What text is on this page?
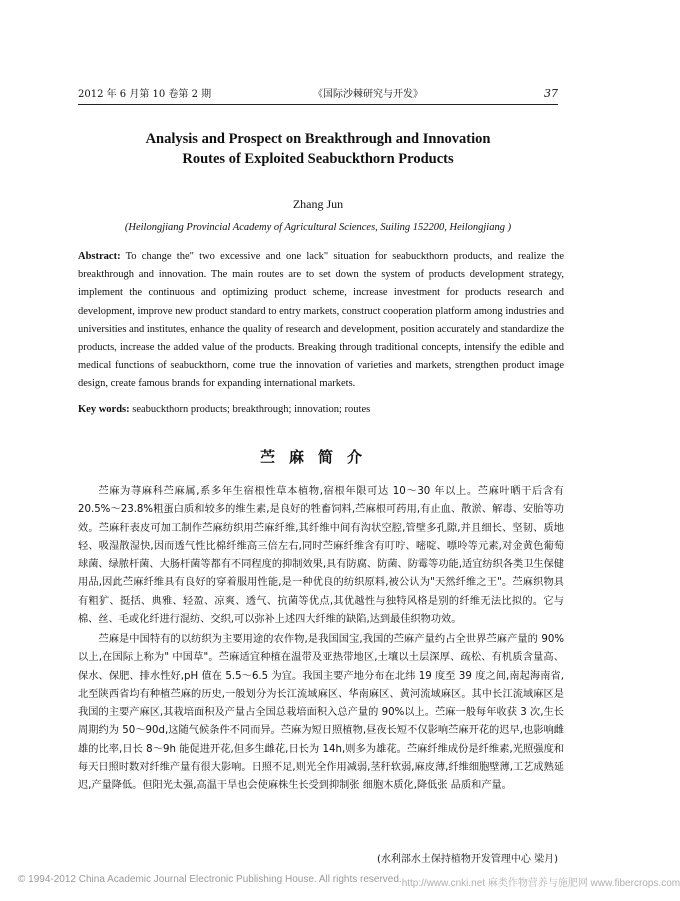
2012 年 6 月第 10 卷第 2 期	《国际沙棘研究与开发》	37
Analysis and Prospect on Breakthrough and Innovation
Routes of Exploited Seabuckthorn Products
Zhang Jun
(Heilongjiang Provincial Academy of Agricultural Sciences, Suiling 152200, Heilongjiang )
Abstract: To change the" two excessive and one lack" situation for seabuckthorn products, and realize the breakthrough and innovation. The main routes are to set down the system of products development strategy, implement the continuous and optimizing product scheme, increase investment for products research and development, improve new product standard to entry markets, construct cooperation platform among industries and universities and institutes, enhance the quality of research and development, position accurately and standardize the products, increase the added value of the products. Breaking through traditional concepts, intensify the edible and medical functions of seabuckthorn, come true the innovation of varieties and markets, strengthen product image design, create famous brands for expanding international markets.
Key words: seabuckthorn products; breakthrough; innovation; routes
苎麻简介

苎麻为荨麻科苎麻属,系多年生宿根性草本植物,宿根年限可达 10～30 年以上。苎麻叶晒干后含有 20.5%～23.8%粗蛋白质和较多的维生素,是良好的牲畜饲料,苎麻根可药用,有止血、散淤、解毒、安胎等功效。苎麻秆表皮可加工制作苎麻纺织用苎麻纤维,其纤维中间有沟状空腔,管壁多孔隙,并且细长、坚韧、质地轻、吸湿散湿快,因而透气性比棉纤维高三倍左右,同时苎麻纤维含有叮咛、嘧啶、嘌呤等元素,对金黄色葡萄球菌、绿脓杆菌、大肠杆菌等都有不同程度的抑制效果,具有防腐、防菌、防霉等功能,适宜纺织各类卫生保健用品,因此苎麻纤维具有良好的穿着服用性能,是一种优良的纺织原料,被公认为"天然纤维之王"。苎麻织物具有粗犷、挺括、典雅、轻盈、凉爽、透气、抗菌等优点,其优越性与独特风格是别的纤维无法比拟的。它与棉、丝、毛或化纤进行混纺、交织,可以弥补上述四大纤维的缺陷,达到最佳织物功效。

苎麻是中国特有的以纺织为主要用途的农作物,是我国国宝,我国的苎麻产量约占全世界苎麻产量的 90%以上,在国际上称为" 中国草"。苎麻适宜种植在温带及亚热带地区,土壤以土层深厚、疏松、有机质含量高、保水、保肥、排水性好,pH 值在 5.5～6.5 为宜。我国主要产地分布在北纬 19 度至 39 度之间,南起海南省,北至陕西省均有种植苎麻的历史,一般划分为长江流域麻区、华南麻区、黄河流域麻区。其中长江流域麻区是我国的主要产麻区,其栽培面积及产量占全国总栽培面积入总产量的 90%以上。苎麻一般每年收获 3 次,生长周期约为 50～90d,这随气候条件不同而异。苎麻为短日照植物,昼夜长短不仅影响苎麻开花的迟早,也影响雌雄的比率,日长 8～9h 能促进开花,但多生雌花,日长为 14h,则多为雄花。苎麻纤维成份是纤维素,光照强度和每天日照时数对纤维产量有很大影响。日照不足,则光全作用减弱,茎秆软弱,麻皮薄,纤维细胞壁薄,工艺成熟延迟,产量降低。但阳光太强,高温干旱也会使麻株生长受到抑制张 细胞木质化,降低张 品质和产量。

(水利部水土保持植物开发管理中心 梁月)
© 1994-2012 China Academic Journal Electronic Publishing House. All rights reserved. http://www.cnki.net 麻类作物营养与施肥网 www.fibercrops.com
